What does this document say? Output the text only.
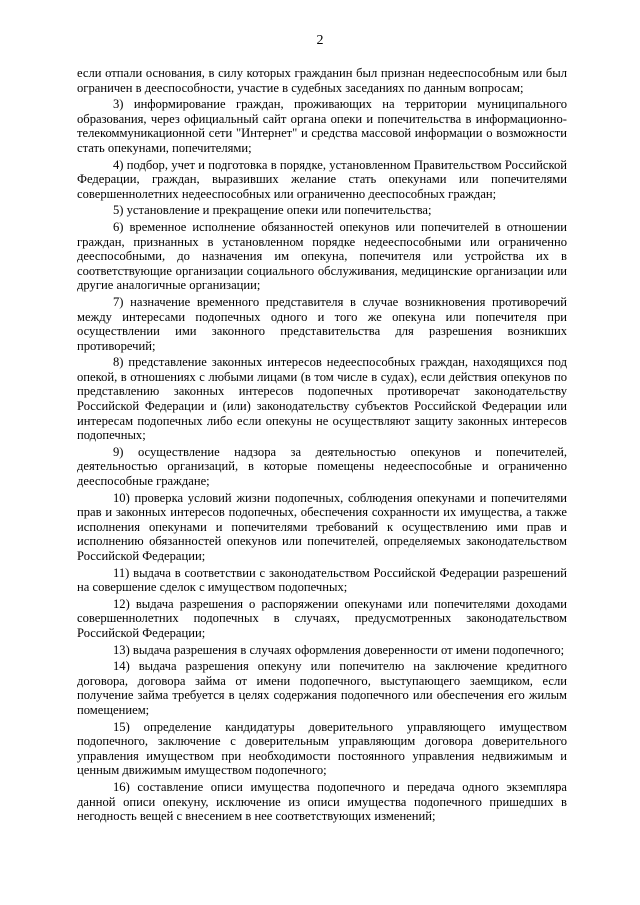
2

если отпали основания, в силу которых гражданин был признан недееспособным или был ограничен в дееспособности, участие в судебных заседаниях по данным вопросам;

3) информирование граждан, проживающих на территории муниципального образования, через официальный сайт органа опеки и попечительства в информационно-телекоммуникационной сети "Интернет" и средства массовой информации о возможности стать опекунами, попечителями;

4) подбор, учет и подготовка в порядке, установленном Правительством Российской Федерации, граждан, выразивших желание стать опекунами или попечителями совершеннолетних недееспособных или ограниченно дееспособных граждан;

5) установление и прекращение опеки или попечительства;

6) временное исполнение обязанностей опекунов или попечителей в отношении граждан, признанных в установленном порядке недееспособными или ограниченно дееспособными, до назначения им опекуна, попечителя или устройства их в соответствующие организации социального обслуживания, медицинские организации или другие аналогичные организации;

7) назначение временного представителя в случае возникновения противоречий между интересами подопечных одного и того же опекуна или попечителя при осуществлении ими законного представительства для разрешения возникших противоречий;

8) представление законных интересов недееспособных граждан, находящихся под опекой, в отношениях с любыми лицами (в том числе в судах), если действия опекунов по представлению законных интересов подопечных противоречат законодательству Российской Федерации и (или) законодательству субъектов Российской Федерации или интересам подопечных либо если опекуны не осуществляют защиту законных интересов подопечных;

9) осуществление надзора за деятельностью опекунов и попечителей, деятельностью организаций, в которые помещены недееспособные и ограниченно дееспособные граждане;

10) проверка условий жизни подопечных, соблюдения опекунами и попечителями прав и законных интересов подопечных, обеспечения сохранности их имущества, а также исполнения опекунами и попечителями требований к осуществлению ими прав и исполнению обязанностей опекунов или попечителей, определяемых законодательством Российской Федерации;

11) выдача в соответствии с законодательством Российской Федерации разрешений на совершение сделок с имуществом подопечных;

12) выдача разрешения о распоряжении опекунами или попечителями доходами совершеннолетних подопечных в случаях, предусмотренных законодательством Российской Федерации;

13) выдача разрешения в случаях оформления доверенности от имени подопечного;

14) выдача разрешения опекуну или попечителю на заключение кредитного договора, договора займа от имени подопечного, выступающего заемщиком, если получение займа требуется в целях содержания подопечного или обеспечения его жилым помещением;

15) определение кандидатуры доверительного управляющего имуществом подопечного, заключение с доверительным управляющим договора доверительного управления имуществом при необходимости постоянного управления недвижимым и ценным движимым имуществом подопечного;

16) составление описи имущества подопечного и передача одного экземпляра данной описи опекуну, исключение из описи имущества подопечного пришедших в негодность вещей с внесением в нее соответствующих изменений;
